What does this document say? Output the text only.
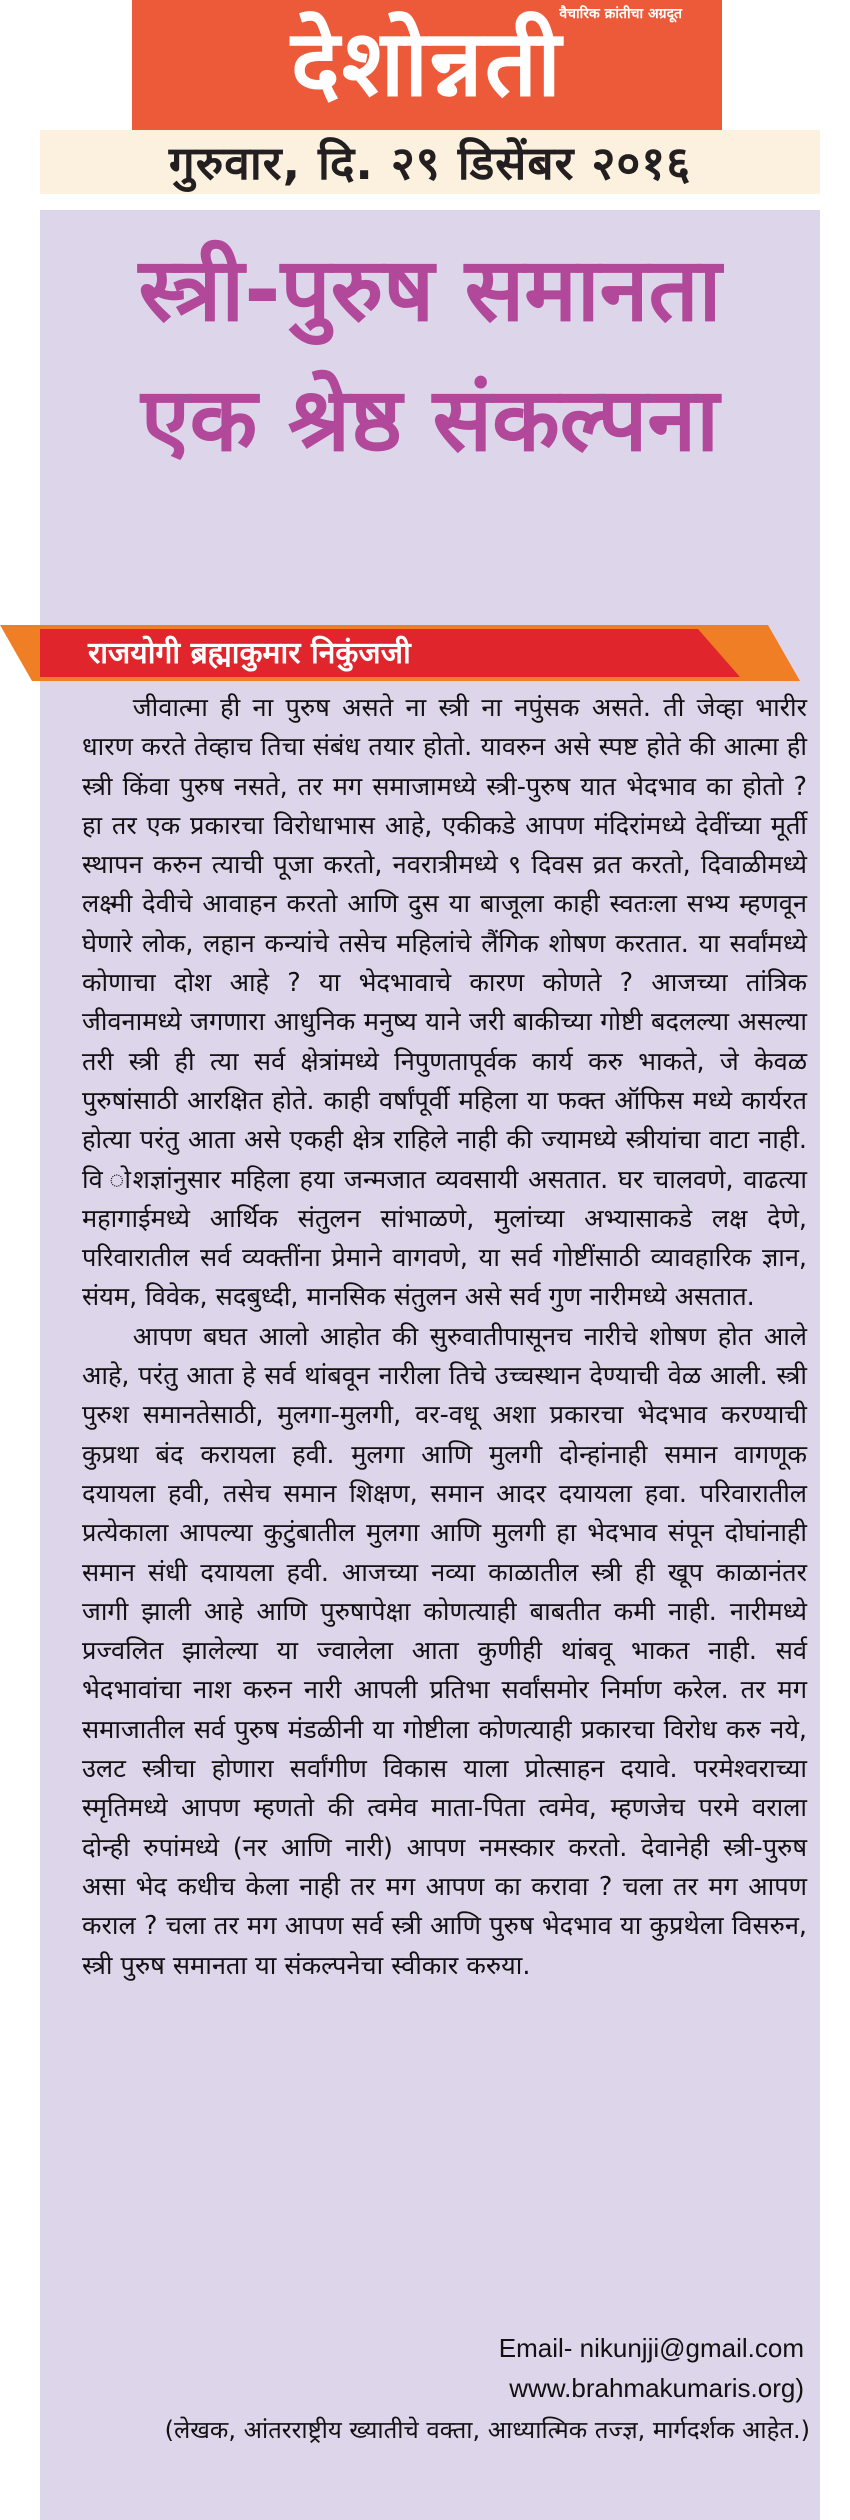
देशोन्नती
वैचारिक क्रांतीचा अग्रदूत
गुरुवार, दि. २९ डिसेंबर २०१६
स्त्री-पुरुष समानता
एक श्रेष्ठ संकल्पना
राजयोगी ब्रह्माकुमार निकुंजजी

जीवात्मा ही ना पुरुष असते ना स्त्री ना नपुंसक असते. ती जेव्हा भारीर धारण करते तेव्हाच तिचा संबंध तयार होतो. यावरुन असे स्पष्ट होते की आत्मा ही स्त्री किंवा पुरुष नसते, तर मग समाजामध्ये स्त्री-पुरुष यात भेदभाव का होतो ? हा तर एक प्रकारचा विरोधाभास आहे, एकीकडे आपण मंदिरांमध्ये देवींच्या मूर्ती स्थापन करुन त्याची पूजा करतो, नवरात्रीमध्ये ९ दिवस व्रत करतो, दिवाळीमध्ये लक्ष्मी देवीचे आवाहन करतो आणि दुस या बाजूला काही स्वतःला सभ्य म्हणवून घेणारे लोक, लहान कन्यांचे तसेच महिलांचे लैंगिक शोषण करतात. या सर्वांमध्ये कोणाचा दोश आहे ? या भेदभावाचे कारण कोणते ? आजच्या तांत्रिक जीवनामध्ये जगणारा आधुनिक मनुष्य याने जरी बाकीच्या गोष्टी बदलल्या असल्या तरी स्त्री ही त्या सर्व क्षेत्रांमध्ये निपुणतापूर्वक कार्य करु भाकते, जे केवळ पुरुषांसाठी आरक्षित होते. काही वर्षांपूर्वी महिला या फक्त ऑफिस मध्ये कार्यरत होत्या परंतु आता असे एकही क्षेत्र राहिले नाही की ज्यामध्ये स्त्रीयांचा वाटा नाही. वि ोशज्ञांनुसार महिला हया जन्मजात व्यवसायी असतात. घर चालवणे, वाढत्या महागाईमध्ये आर्थिक संतुलन सांभाळणे, मुलांच्या अभ्यासाकडे लक्ष देणे, परिवारातील सर्व व्यक्तींना प्रेमाने वागवणे, या सर्व गोष्टींसाठी व्यावहारिक ज्ञान, संयम, विवेक, सदबुध्दी, मानसिक संतुलन असे सर्व गुण नारीमध्ये असतात.

आपण बघत आलो आहोत की सुरुवातीपासूनच नारीचे शोषण होत आले आहे, परंतु आता हे सर्व थांबवून नारीला तिचे उच्चस्थान देण्याची वेळ आली. स्त्री पुरुश समानतेसाठी, मुलगा-मुलगी, वर-वधू अशा प्रकारचा भेदभाव करण्याची कुप्रथा बंद करायला हवी. मुलगा आणि मुलगी दोन्हांनाही समान वागणूक दयायला हवी, तसेच समान शिक्षण, समान आदर दयायला हवा. परिवारातील प्रत्येकाला आपल्या कुटुंबातील मुलगा आणि मुलगी हा भेदभाव संपून दोघांनाही समान संधी दयायला हवी. आजच्या नव्या काळातील स्त्री ही खूप काळानंतर जागी झाली आहे आणि पुरुषापेक्षा कोणत्याही बाबतीत कमी नाही. नारीमध्ये प्रज्वलित झालेल्या या ज्वालेला आता कुणीही थांबवू भाकत नाही. सर्व भेदभावांचा नाश करुन नारी आपली प्रतिभा सर्वांसमोर निर्माण करेल. तर मग समाजातील सर्व पुरुष मंडळीनी या गोष्टीला कोणत्याही प्रकारचा विरोध करु नये, उलट स्त्रीचा होणारा सर्वांगीण विकास याला प्रोत्साहन दयावे. परमेश्वराच्या स्मृतिमध्ये आपण म्हणतो की त्वमेव माता-पिता त्वमेव, म्हणजेच परमे वराला दोन्ही रुपांमध्ये (नर आणि नारी) आपण नमस्कार करतो. देवानेही स्त्री-पुरुष असा भेद कधीच केला नाही तर मग आपण का करावा ? चला तर मग आपण कराल ? चला तर मग आपण सर्व स्त्री आणि पुरुष भेदभाव या कुप्रथेला विसरुन, स्त्री पुरुष समानता या संकल्पनेचा स्वीकार करुया.

Email- nikunjji@gmail.com
www.brahmakumaris.org)
(लेखक, आंतरराष्ट्रीय ख्यातीचे वक्ता, आध्यात्मिक तज्ज्ञ, मार्गदर्शक आहेत.)
